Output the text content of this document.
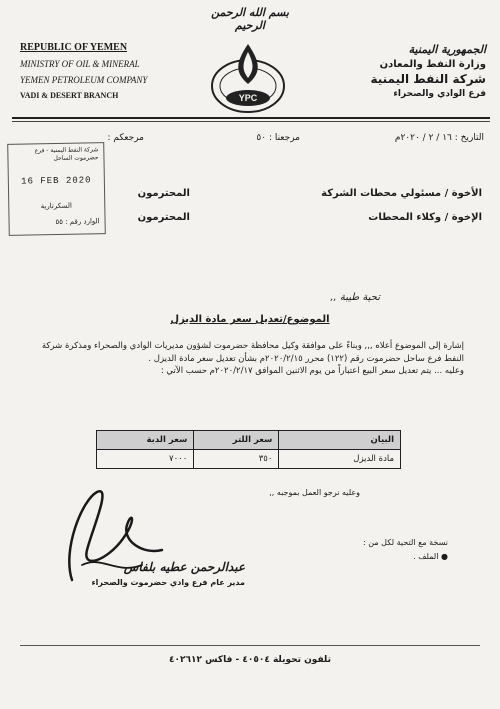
بسم الله الرحمن الرحيم
REPUBLIC OF YEMEN
MINISTRY OF OIL & MINERAL
YEMEN PETROLEUM COMPANY
VADI & DESERT BRANCH	YPC
الجمهورية اليمنية
وزارة النفط والمعادن
شركة النفط اليمنية
فرع الوادي والصحراء
التاريخ : ١٦ / ٢ / ٢٠٢٠م
مرجعنا : ٥٠
مرجعكم :
شركة النفط اليمنية - فرع حضرموت الساحل
16 FEB 2020
السكرتارية
الوارد رقم : ٥٥
الأخوة / مسئولي محطات الشركة
المحترمون
الإخوة / وكلاء المحطات
المحترمون
تحية طيبة ,,
الموضوع/تعديل سعر مادة الديزل

إشارة إلى الموضوع أعلاه ,,, وبناءً على موافقة وكيل محافظة حضرموت لشؤون مديريات الوادي والصحراء ومذكرة شركة النفط فرع ساحل حضرموت رقم (١٢٢) محرر ٢٠٢٠/٢/١٥م بشأن تعديل سعر مادة الديزل .

وعليه ... يتم تعديل سعر البيع اعتباراً من يوم الاثنين الموافق ٢٠٢٠/٢/١٧م حسب الآتي :

البيان	سعر اللتر	سعر الدبة
مادة الديزل	٣٥٠	٧٠٠٠
وعليه نرجو العمل بموجبه ,,
نسخة مع التحية لكل من :
● الملف .
عبدالرحمن عطيه بلفاس
مدير عام فرع وادي حضرموت والصحراء
تلفون تحويلة ٤٠٥٠٤ - فاكس ٤٠٢٦١٢
